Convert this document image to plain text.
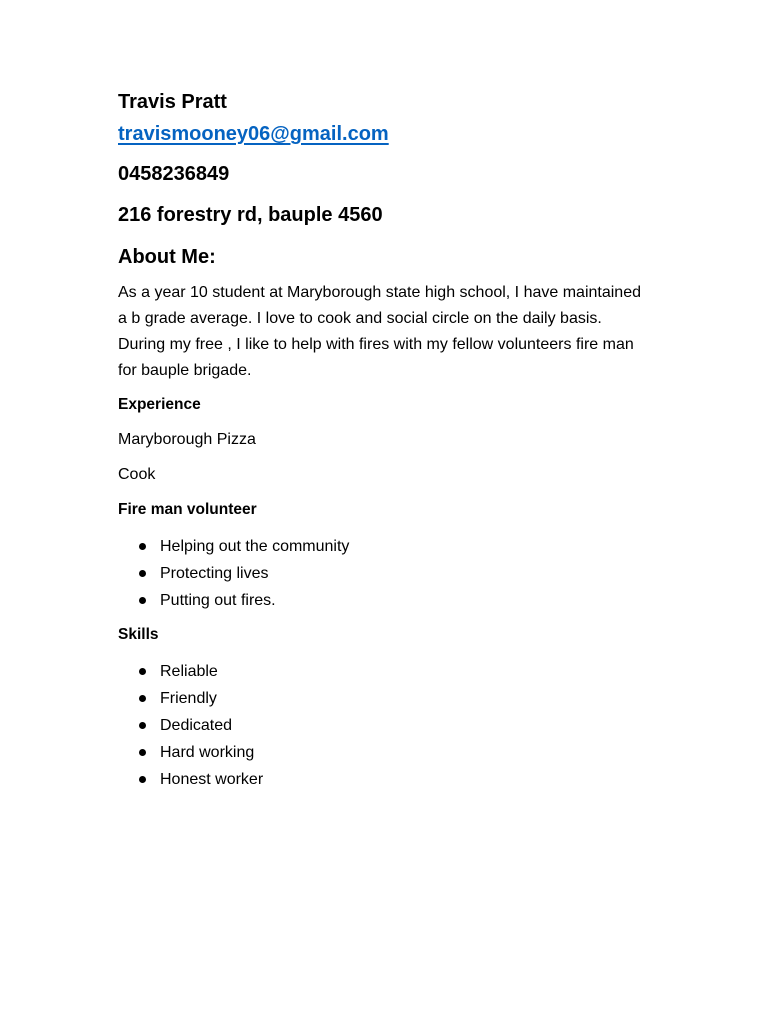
Travis Pratt
travismooney06@gmail.com
0458236849
216 forestry rd, bauple 4560
About Me:

As a year 10 student at Maryborough state high school, I have maintained a b grade average. I love to cook and social circle on the daily basis. During my free , I like to help with fires with my fellow volunteers fire man for bauple brigade.

Experience
Maryborough Pizza
Cook
Fire man volunteer
Helping out the community
Protecting lives
Putting out fires.
Skills
Reliable
Friendly
Dedicated
Hard working
Honest worker
